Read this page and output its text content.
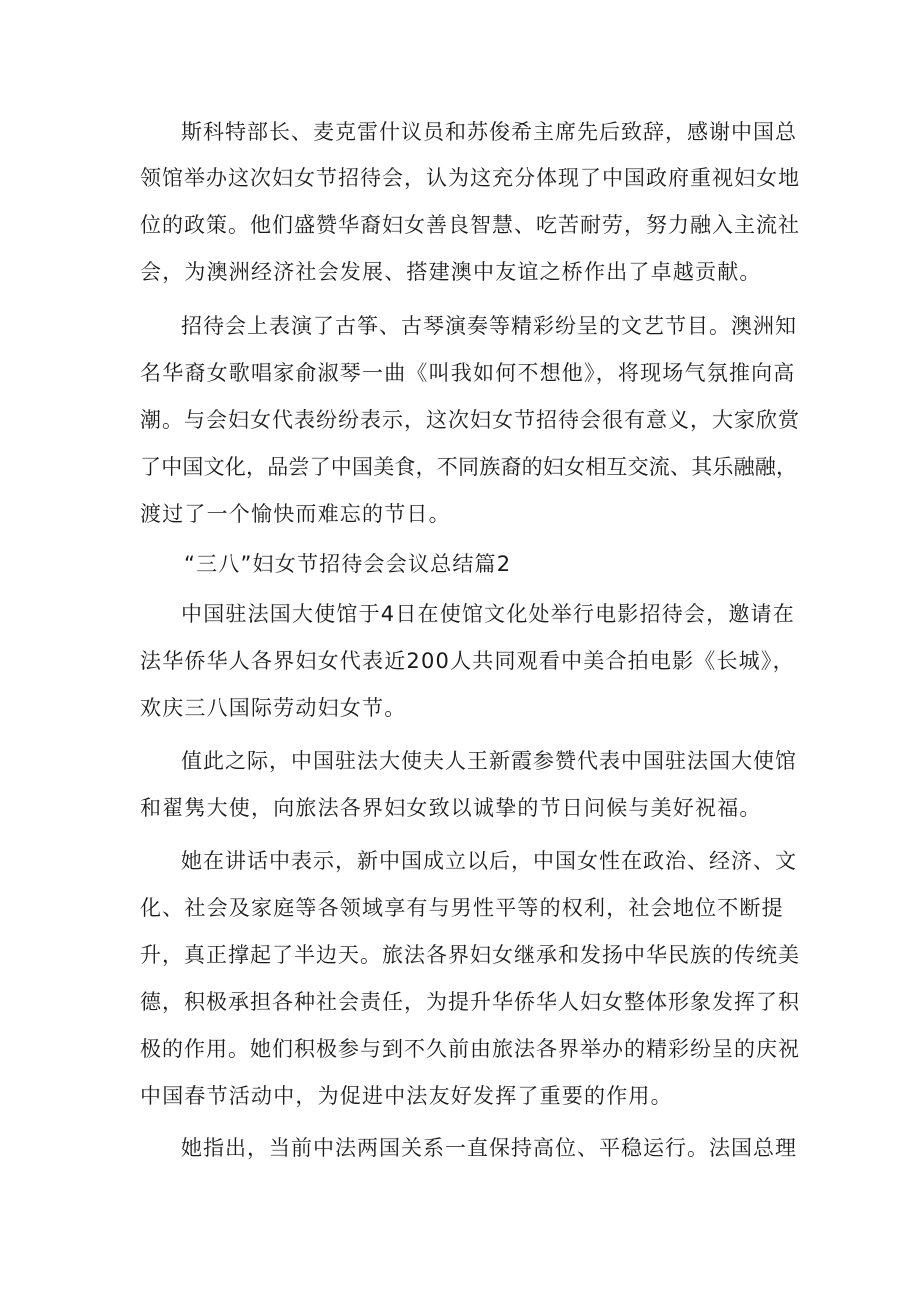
斯科特部长、麦克雷什议员和苏俊希主席先后致辞，感谢中国总
领馆举办这次妇女节招待会，认为这充分体现了中国政府重视妇女地
位的政策。他们盛赞华裔妇女善良智慧、吃苦耐劳，努力融入主流社
会，为澳洲经济社会发展、搭建澳中友谊之桥作出了卓越贡献。
招待会上表演了古筝、古琴演奏等精彩纷呈的文艺节目。澳洲知
名华裔女歌唱家俞淑琴一曲《叫我如何不想他》，将现场气氛推向高
潮。与会妇女代表纷纷表示，这次妇女节招待会很有意义，大家欣赏
了中国文化，品尝了中国美食，不同族裔的妇女相互交流、其乐融融，
渡过了一个愉快而难忘的节日。
“三八”妇女节招待会会议总结篇2
中国驻法国大使馆于4日在使馆文化处举行电影招待会，邀请在
法华侨华人各界妇女代表近200人共同观看中美合拍电影《长城》，
欢庆三八国际劳动妇女节。
值此之际，中国驻法大使夫人王新霞参赞代表中国驻法国大使馆
和翟隽大使，向旅法各界妇女致以诚挚的节日问候与美好祝福。
她在讲话中表示，新中国成立以后，中国女性在政治、经济、文
化、社会及家庭等各领域享有与男性平等的权利，社会地位不断提
升，真正撑起了半边天。旅法各界妇女继承和发扬中华民族的传统美
德，积极承担各种社会责任，为提升华侨华人妇女整体形象发挥了积
极的作用。她们积极参与到不久前由旅法各界举办的精彩纷呈的庆祝
中国春节活动中，为促进中法友好发挥了重要的作用。
她指出，当前中法两国关系一直保持高位、平稳运行。法国总理
